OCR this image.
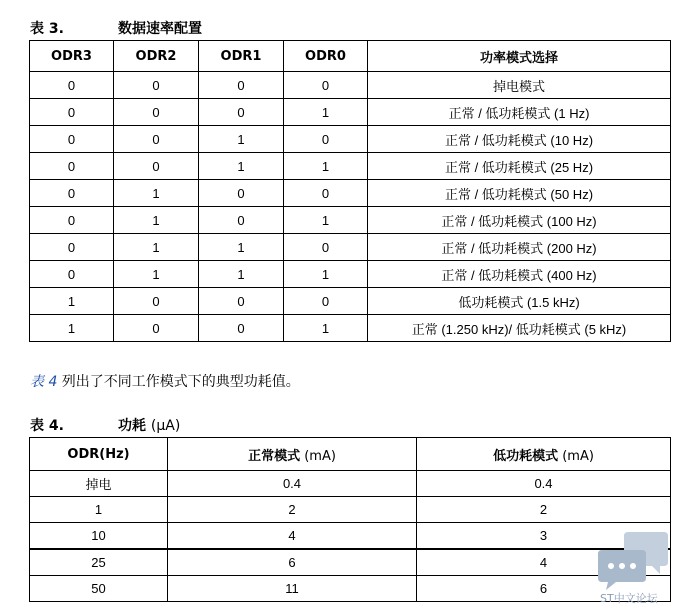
表 3.	数据速率配置
ODR3	ODR2	ODR1	ODR0	功率模式选择
0	0	0	0	掉电模式
0	0	0	1	正常 / 低功耗模式 (1 Hz)
0	0	1	0	正常 / 低功耗模式 (10 Hz)
0	0	1	1	正常 / 低功耗模式 (25 Hz)
0	1	0	0	正常 / 低功耗模式 (50 Hz)
0	1	0	1	正常 / 低功耗模式 (100 Hz)
0	1	1	0	正常 / 低功耗模式 (200 Hz)
0	1	1	1	正常 / 低功耗模式 (400 Hz)
1	0	0	0	低功耗模式 (1.5 kHz)
1	0	0	1	正常 (1.250 kHz)/ 低功耗模式 (5 kHz)
表 4 列出了不同工作模式下的典型功耗值。
表 4.	功耗 (µA)
ODR(Hz)	正常模式 (mA)	低功耗模式 (mA)
掉电	0.4	0.4
1	2	2
10	4	3
25	6	4
50	11	6
ST中文论坛
